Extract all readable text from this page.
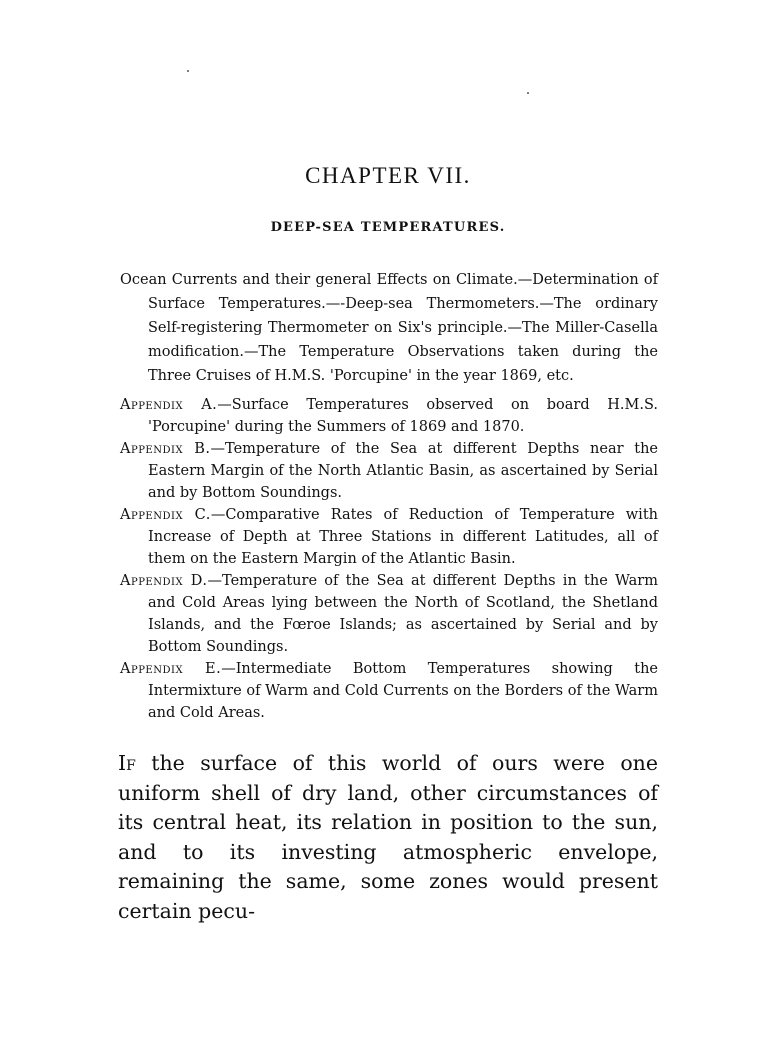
CHAPTER VII.
DEEP-SEA TEMPERATURES.
Ocean Currents and their general Effects on Climate.—Determination of Surface Temperatures.—-Deep-sea Thermometers.—The ordinary Self-registering Thermometer on Six's principle.—The Miller-Casella modification.—The Temperature Observations taken during the Three Cruises of H.M.S. 'Porcupine' in the year 1869, etc.
Appendix A.—Surface Temperatures observed on board H.M.S. 'Porcupine' during the Summers of 1869 and 1870.
Appendix B.—Temperature of the Sea at different Depths near the Eastern Margin of the North Atlantic Basin, as ascertained by Serial and by Bottom Soundings.
Appendix C.—Comparative Rates of Reduction of Temperature with Increase of Depth at Three Stations in different Latitudes, all of them on the Eastern Margin of the Atlantic Basin.
Appendix D.—Temperature of the Sea at different Depths in the Warm and Cold Areas lying between the North of Scotland, the Shetland Islands, and the Fœroe Islands; as ascertained by Serial and by Bottom Soundings.
Appendix E.—Intermediate Bottom Temperatures showing the Intermixture of Warm and Cold Currents on the Borders of the Warm and Cold Areas.
If the surface of this world of ours were one uniform shell of dry land, other circumstances of its central heat, its relation in position to the sun, and to its investing atmospheric envelope, remaining the same, some zones would present certain pecu-
